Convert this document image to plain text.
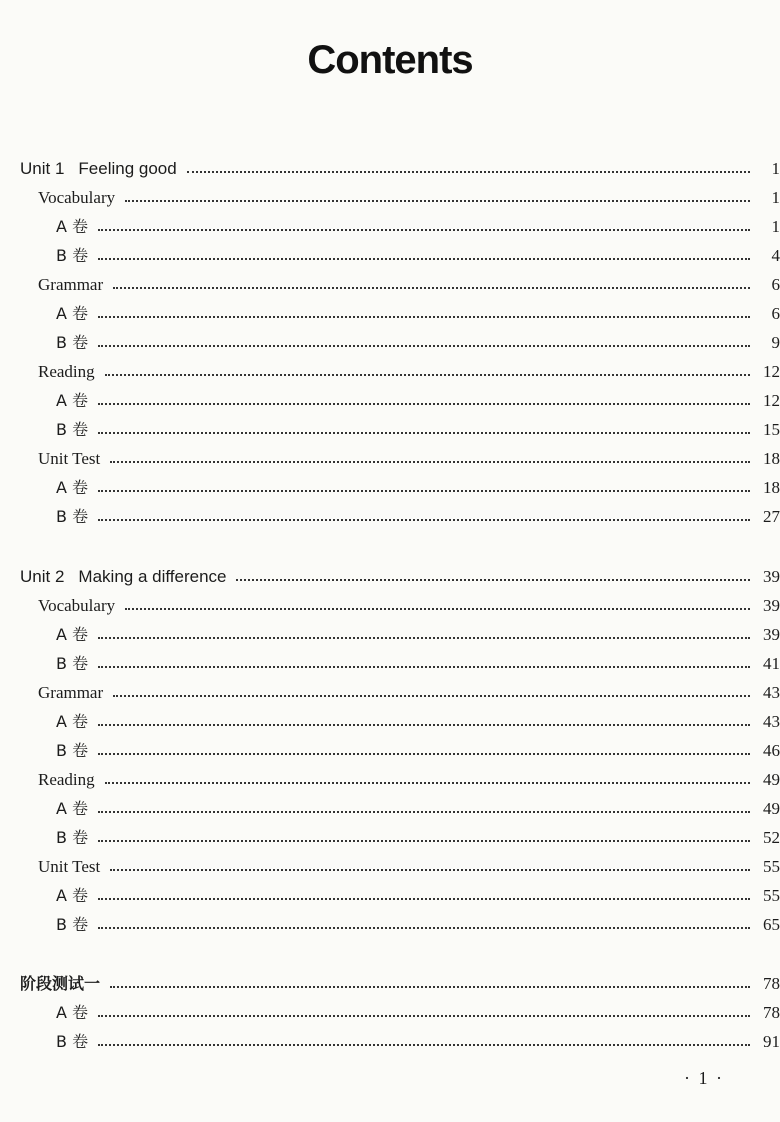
Contents
Unit 1 Feeling good	1
Vocabulary	1
A 卷	1
B 卷	4
Grammar	6
A 卷	6
B 卷	9
Reading	12
A 卷	12
B 卷	15
Unit Test	18
A 卷	18
B 卷	27
Unit 2 Making a difference	39
Vocabulary	39
A 卷	39
B 卷	41
Grammar	43
A 卷	43
B 卷	46
Reading	49
A 卷	49
B 卷	52
Unit Test	55
A 卷	55
B 卷	65
阶段测试一	78
A 卷	78
B 卷	91
· 1 ·
